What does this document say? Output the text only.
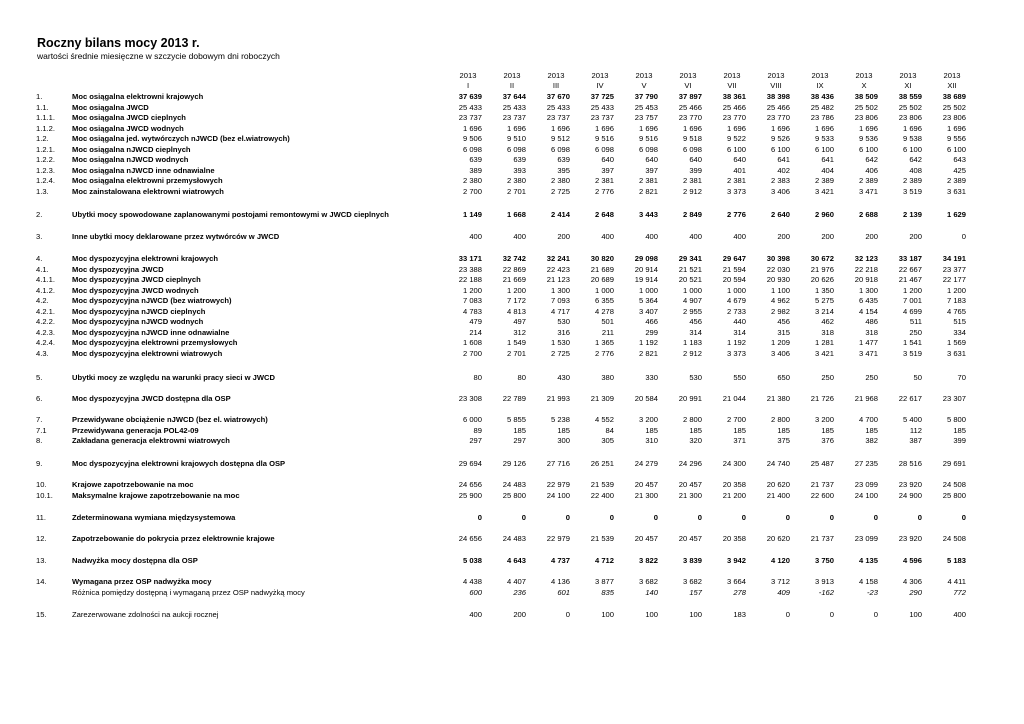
Roczny bilans mocy 2013 r.
wartości średnie miesięczne w szczycie dobowym dni roboczych
2013	2013	2013	2013	2013	2013	2013	2013	2013	2013	2013	2013
I	II	III	IV	V	VI	VII	VIII	IX	X	XI	XII
1.	Moc osiągalna elektrowni krajowych	37 639	37 644	37 670	37 725	37 790	37 897	38 361	38 398	38 436	38 509	38 559	38 689
1.1.	Moc osiągalna JWCD	25 433	25 433	25 433	25 433	25 453	25 466	25 466	25 466	25 482	25 502	25 502	25 502
1.1.1.	Moc osiągalna JWCD cieplnych	23 737	23 737	23 737	23 737	23 757	23 770	23 770	23 770	23 786	23 806	23 806	23 806
1.1.2.	Moc osiągalna JWCD wodnych	1 696	1 696	1 696	1 696	1 696	1 696	1 696	1 696	1 696	1 696	1 696	1 696
1.2.	Moc osiągalna jed. wytwórczych nJWCD (bez el.wiatrowych)	9 506	9 510	9 512	9 516	9 516	9 518	9 522	9 526	9 533	9 536	9 538	9 556
1.2.1.	Moc osiągalna nJWCD cieplnych	6 098	6 098	6 098	6 098	6 098	6 098	6 100	6 100	6 100	6 100	6 100	6 100
1.2.2.	Moc osiągalna nJWCD wodnych	639	639	639	640	640	640	640	641	641	642	642	643
1.2.3.	Moc osiągalna nJWCD inne odnawialne	389	393	395	397	397	399	401	402	404	406	408	425
1.2.4.	Moc osiągalna elektrowni przemysłowych	2 380	2 380	2 380	2 381	2 381	2 381	2 381	2 383	2 389	2 389	2 389	2 389
1.3.	Moc zainstalowana elektrowni wiatrowych	2 700	2 701	2 725	2 776	2 821	2 912	3 373	3 406	3 421	3 471	3 519	3 631
2.	Ubytki mocy spowodowane zaplanowanymi postojami remontowymi w JWCD cieplnych	1 149	1 668	2 414	2 648	3 443	2 849	2 776	2 640	2 960	2 688	2 139	1 629
3.	Inne ubytki mocy deklarowane przez wytwórców w JWCD	400	400	200	400	400	400	400	200	200	200	200	0
4.	Moc dyspozycyjna elektrowni krajowych	33 171	32 742	32 241	30 820	29 098	29 341	29 647	30 398	30 672	32 123	33 187	34 191
4.1.	Moc dyspozycyjna JWCD	23 388	22 869	22 423	21 689	20 914	21 521	21 594	22 030	21 976	22 218	22 667	23 377
4.1.1.	Moc dyspozycyjna JWCD cieplnych	22 188	21 669	21 123	20 689	19 914	20 521	20 594	20 930	20 626	20 918	21 467	22 177
4.1.2.	Moc dyspozycyjna JWCD wodnych	1 200	1 200	1 300	1 000	1 000	1 000	1 000	1 100	1 350	1 300	1 200	1 200
4.2.	Moc dyspozycyjna nJWCD (bez wiatrowych)	7 083	7 172	7 093	6 355	5 364	4 907	4 679	4 962	5 275	6 435	7 001	7 183
4.2.1.	Moc dyspozycyjna nJWCD cieplnych	4 783	4 813	4 717	4 278	3 407	2 955	2 733	2 982	3 214	4 154	4 699	4 765
4.2.2.	Moc dyspozycyjna nJWCD wodnych	479	497	530	501	466	456	440	456	462	486	511	515
4.2.3.	Moc dyspozycyjna nJWCD inne odnawialne	214	312	316	211	299	314	314	315	318	318	250	334
4.2.4.	Moc dyspozycyjna elektrowni przemysłowych	1 608	1 549	1 530	1 365	1 192	1 183	1 192	1 209	1 281	1 477	1 541	1 569
4.3.	Moc dyspozycyjna elektrowni wiatrowych	2 700	2 701	2 725	2 776	2 821	2 912	3 373	3 406	3 421	3 471	3 519	3 631
5.	Ubytki mocy ze względu na warunki pracy sieci w JWCD	80	80	430	380	330	530	550	650	250	250	50	70
6.	Moc dyspozycyjna JWCD dostępna dla OSP	23 308	22 789	21 993	21 309	20 584	20 991	21 044	21 380	21 726	21 968	22 617	23 307
7.	Przewidywane obciążenie nJWCD (bez el. wiatrowych)	6 000	5 855	5 238	4 552	3 200	2 800	2 700	2 800	3 200	4 700	5 400	5 800
7.1	Przewidywana generacja POL42-09	89	185	185	84	185	185	185	185	185	185	112	185
8.	Zakładana generacja elektrowni wiatrowych	297	297	300	305	310	320	371	375	376	382	387	399
9.	Moc dyspozycyjna elektrowni krajowych dostępna dla OSP	29 694	29 126	27 716	26 251	24 279	24 296	24 300	24 740	25 487	27 235	28 516	29 691
10.	Krajowe zapotrzebowanie na moc	24 656	24 483	22 979	21 539	20 457	20 457	20 358	20 620	21 737	23 099	23 920	24 508
10.1.	Maksymalne krajowe zapotrzebowanie na moc	25 900	25 800	24 100	22 400	21 300	21 300	21 200	21 400	22 600	24 100	24 900	25 800
11.	Zdeterminowana wymiana międzysystemowa	0	0	0	0	0	0	0	0	0	0	0	0
12.	Zapotrzebowanie do pokrycia przez elektrownie krajowe	24 656	24 483	22 979	21 539	20 457	20 457	20 358	20 620	21 737	23 099	23 920	24 508
13.	Nadwyżka mocy dostępna dla OSP	5 038	4 643	4 737	4 712	3 822	3 839	3 942	4 120	3 750	4 135	4 596	5 183
14.	Wymagana przez OSP nadwyżka mocy	4 438	4 407	4 136	3 877	3 682	3 682	3 664	3 712	3 913	4 158	4 306	4 411
Różnica pomiędzy dostępną i wymaganą przez OSP nadwyżką mocy	600	236	601	835	140	157	278	409	-162	-23	290	772
15.	Zarezerwowane zdolności na aukcji rocznej	400	200	0	100	100	100	183	0	0	0	100	400
